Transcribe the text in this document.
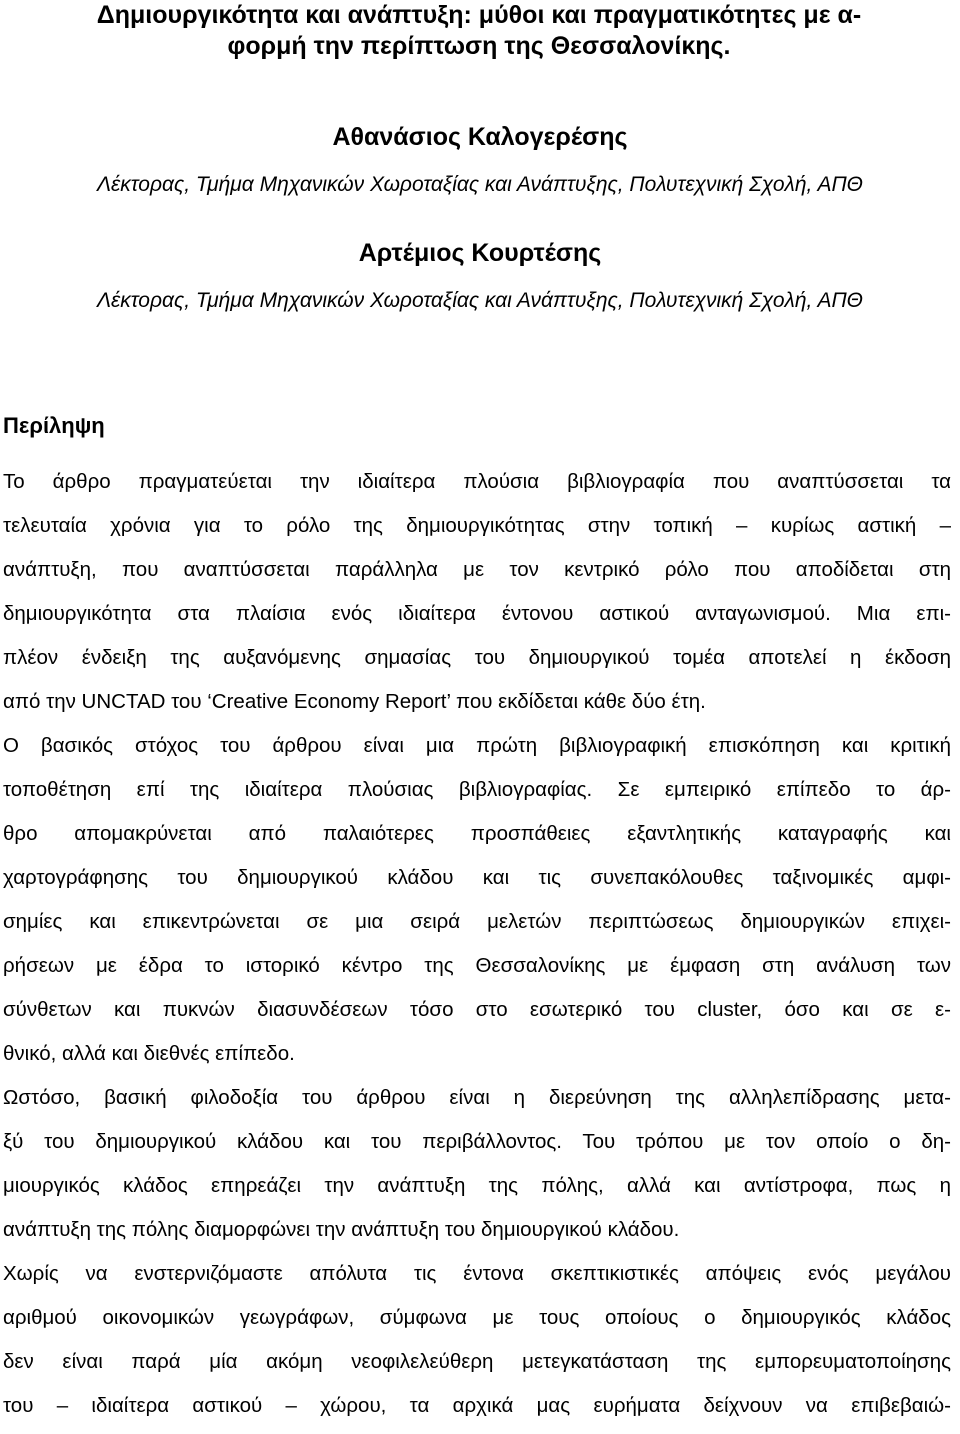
Δημιουργικότητα και ανάπτυξη: μύθοι και πραγματικότητες με α-
φορμή την περίπτωση της Θεσσαλονίκης.

Αθανάσιος Καλογερέσης

Λέκτορας, Τμήμα Μηχανικών Χωροταξίας και Ανάπτυξης, Πολυτεχνική Σχολή, ΑΠΘ

Αρτέμιος Κουρτέσης

Λέκτορας, Τμήμα Μηχανικών Χωροταξίας και Ανάπτυξης, Πολυτεχνική Σχολή, ΑΠΘ

Περίληψη

Το άρθρο πραγματεύεται την ιδιαίτερα πλούσια βιβλιογραφία που αναπτύσσεται τα
τελευταία χρόνια για το ρόλο της δημιουργικότητας στην τοπική – κυρίως αστική –
ανάπτυξη, που αναπτύσσεται παράλληλα με τον κεντρικό ρόλο που αποδίδεται στη
δημιουργικότητα στα πλαίσια ενός ιδιαίτερα έντονου αστικού ανταγωνισμού. Μια επι-
πλέον ένδειξη της αυξανόμενης σημασίας του δημιουργικού τομέα αποτελεί η έκδοση
από την UNCTAD του ‘Creative Economy Report’ που εκδίδεται κάθε δύο έτη.

Ο βασικός στόχος του άρθρου είναι μια πρώτη βιβλιογραφική επισκόπηση και κριτική
τοποθέτηση επί της ιδιαίτερα πλούσιας βιβλιογραφίας. Σε εμπειρικό επίπεδο το άρ-
θρο απομακρύνεται από παλαιότερες προσπάθειες εξαντλητικής καταγραφής και
χαρτογράφησης του δημιουργικού κλάδου και τις συνεπακόλουθες ταξινομικές αμφι-
σημίες και επικεντρώνεται σε μια σειρά μελετών περιπτώσεως δημιουργικών επιχει-
ρήσεων με έδρα το ιστορικό κέντρο της Θεσσαλονίκης με έμφαση στη ανάλυση των
σύνθετων και πυκνών διασυνδέσεων τόσο στο εσωτερικό του cluster, όσο και σε ε-
θνικό, αλλά και διεθνές επίπεδο.

Ωστόσο, βασική φιλοδοξία του άρθρου είναι η διερεύνηση της αλληλεπίδρασης μετα-
ξύ του δημιουργικού κλάδου και του περιβάλλοντος. Του τρόπου με τον οποίο ο δη-
μιουργικός κλάδος επηρεάζει την ανάπτυξη της πόλης, αλλά και αντίστροφα, πως η
ανάπτυξη της πόλης διαμορφώνει την ανάπτυξη του δημιουργικού κλάδου.

Χωρίς να ενστερνιζόμαστε απόλυτα τις έντονα σκεπτικιστικές απόψεις ενός μεγάλου
αριθμού οικονομικών γεωγράφων, σύμφωνα με τους οποίους ο δημιουργικός κλάδος
δεν είναι παρά μία ακόμη νεοφιλελεύθερη μετεγκατάσταση της εμπορευματοποίησης
του – ιδιαίτερα αστικού – χώρου, τα αρχικά μας ευρήματα δείχνουν να επιβεβαιώ-
